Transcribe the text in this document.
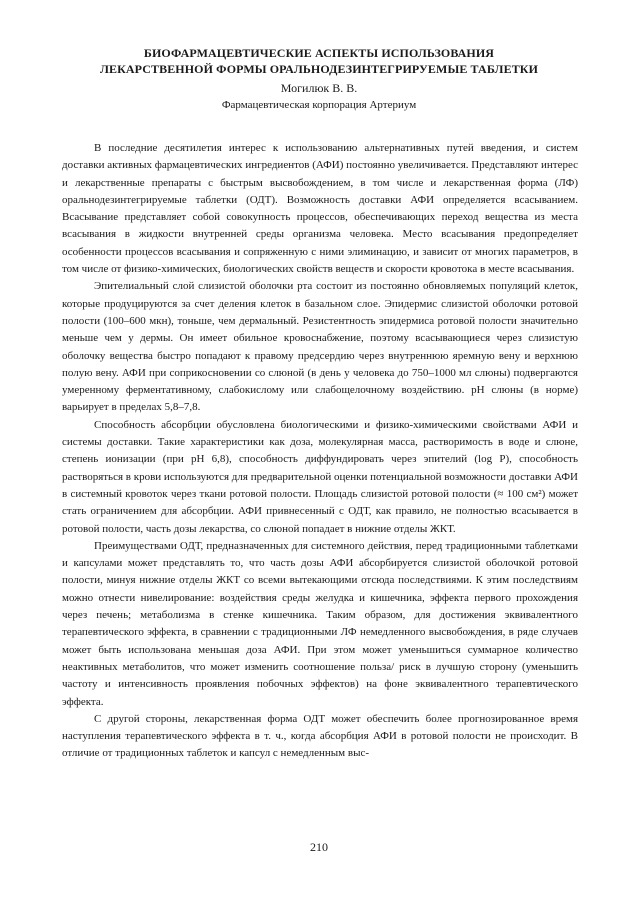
БИОФАРМАЦЕВТИЧЕСКИЕ АСПЕКТЫ ИСПОЛЬЗОВАНИЯ
ЛЕКАРСТВЕННОЙ ФОРМЫ ОРАЛЬНОДЕЗИНТЕГРИРУЕМЫЕ ТАБЛЕТКИ
Могилюк В. В.
Фармацевтическая корпорация Артериум

В последние десятилетия интерес к использованию альтернативных путей введения, и систем доставки активных фармацевтических ингредиентов (АФИ) постоянно увеличивается. Представляют интерес и лекарственные препараты с быстрым высвобождением, в том числе и лекарственная форма (ЛФ) оральнодезинтегрируемые таблетки (ОДТ). Возможность доставки АФИ определяется всасыванием. Всасывание представляет собой совокупность процессов, обеспечивающих переход вещества из места всасывания в жидкости внутренней среды организма человека. Место всасывания предопределяет особенности процессов всасывания и сопряженную с ними элиминацию, и зависит от многих параметров, в том числе от физико-химических, биологических свойств веществ и скорости кровотока в месте всасывания.

Эпителиальный слой слизистой оболочки рта состоит из постоянно обновляемых популяций клеток, которые продуцируются за счет деления клеток в базальном слое. Эпидермис слизистой оболочки ротовой полости (100–600 мкн), тоньше, чем дермальный. Резистентность эпидермиса ротовой полости значительно меньше чем у дермы. Он имеет обильное кровоснабжение, поэтому всасывающиеся через слизистую оболочку вещества быстро попадают к правому предсердию через внутреннюю яремную вену и верхнюю полую вену. АФИ при соприкосновении со слюной (в день у человека до 750–1000 мл слюны) подвергаются умеренному ферментативному, слабокислому или слабощелочному воздействию. pH слюны (в норме) варьирует в пределах 5,8–7,8.

Способность абсорбции обусловлена биологическими и физико-химическими свойствами АФИ и системы доставки. Такие характеристики как доза, молекулярная масса, растворимость в воде и слюне, степень ионизации (при pH 6,8), способность диффундировать через эпителий (log P), способность растворяться в крови используются для предварительной оценки потенциальной возможности доставки АФИ в системный кровоток через ткани ротовой полости. Площадь слизистой ротовой полости (≈ 100 см²) может стать ограничением для абсорбции. АФИ привнесенный с ОДТ, как правило, не полностью всасывается в ротовой полости, часть дозы лекарства, со слюной попадает в нижние отделы ЖКТ.

Преимуществами ОДТ, предназначенных для системного действия, перед традиционными таблетками и капсулами может представлять то, что часть дозы АФИ абсорбируется слизистой оболочкой ротовой полости, минуя нижние отделы ЖКТ со всеми вытекающими отсюда последствиями. К этим последствиям можно отнести нивелирование: воздействия среды желудка и кишечника, эффекта первого прохождения через печень; метаболизма в стенке кишечника. Таким образом, для достижения эквивалентного терапевтического эффекта, в сравнении с традиционными ЛФ немедленного высвобождения, в ряде случаев может быть использована меньшая доза АФИ. При этом может уменьшиться суммарное количество неактивных метаболитов, что может изменить соотношение польза/ риск в лучшую сторону (уменьшить частоту и интенсивность проявления побочных эффектов) на фоне эквивалентного терапевтического эффекта.

С другой стороны, лекарственная форма ОДТ может обеспечить более прогнозированное время наступления терапевтического эффекта в т. ч., когда абсорбция АФИ в ротовой полости не происходит. В отличие от традиционных таблеток и капсул с немедленным выс-

210
